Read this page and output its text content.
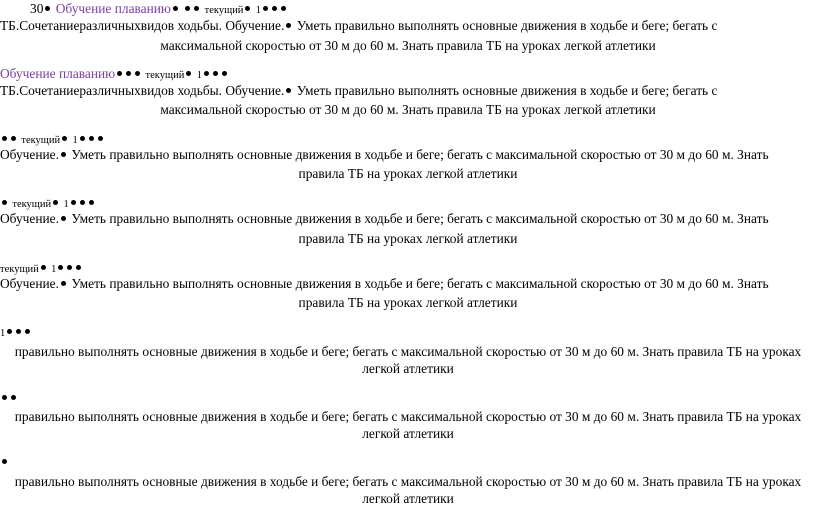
30 Обучение плаванию	текущий 1
ТБ.Сочетаниеразличныхвидов ходьбы. Обучение. Уметь правильно выполнять основные движения в ходьбе и беге; бегать с
максимальной скоростью от 30 м до 60 м. Знать правила ТБ на уроках легкой атлетики
Обучение плаванию	текущий 1
ТБ.Сочетаниеразличныхвидов ходьбы. Обучение. Уметь правильно выполнять основные движения в ходьбе и беге; бегать с
максимальной скоростью от 30 м до 60 м. Знать правила ТБ на уроках легкой атлетики
текущий 1
Обучение. Уметь правильно выполнять основные движения в ходьбе и беге; бегать с максимальной скоростью от 30 м до 60 м. Знать
правила ТБ на уроках легкой атлетики
текущий 1
Обучение. Уметь правильно выполнять основные движения в ходьбе и беге; бегать с максимальной скоростью от 30 м до 60 м. Знать
правила ТБ на уроках легкой атлетики
текущий 1
Обучение. Уметь правильно выполнять основные движения в ходьбе и беге; бегать с максимальной скоростью от 30 м до 60 м. Знать
правила ТБ на уроках легкой атлетики
1
правильно выполнять основные движения в ходьбе и беге; бегать с максимальной скоростью от 30 м до 60 м. Знать правила ТБ на уроках
легкой атлетики
правильно выполнять основные движения в ходьбе и беге; бегать с максимальной скоростью от 30 м до 60 м. Знать правила ТБ на уроках
легкой атлетики
правильно выполнять основные движения в ходьбе и беге; бегать с максимальной скоростью от 30 м до 60 м. Знать правила ТБ на уроках
легкой атлетики
